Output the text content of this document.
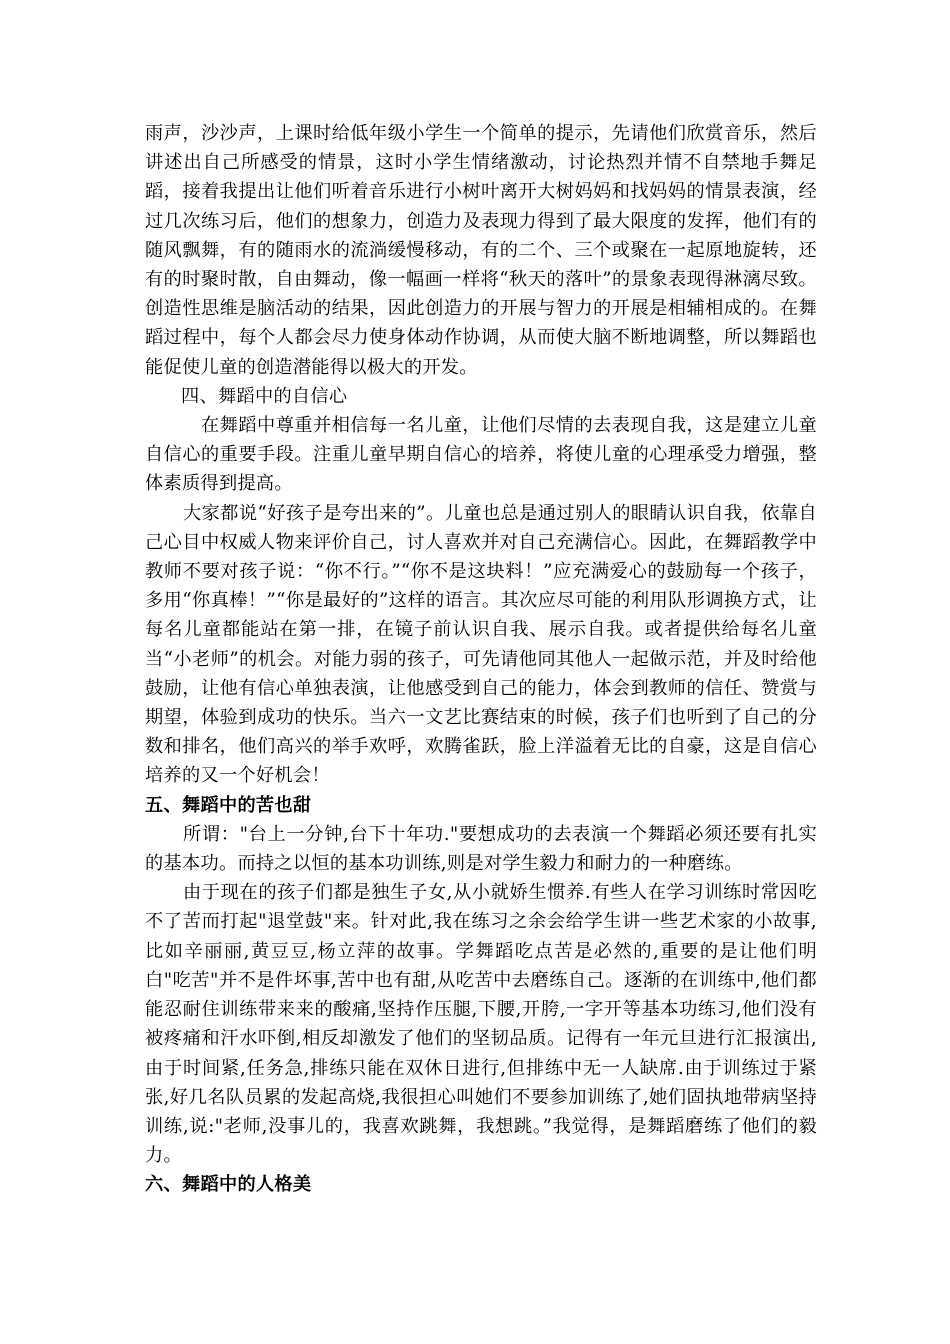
雨声，沙沙声，上课时给低年级小学生一个简单的提示，先请他们欣赏音乐，然后讲述出自己所感受的情景，这时小学生情绪激动，讨论热烈并情不自禁地手舞足蹈，接着我提出让他们听着音乐进行小树叶离开大树妈妈和找妈妈的情景表演，经过几次练习后，他们的想象力，创造力及表现力得到了最大限度的发挥，他们有的随风飘舞，有的随雨水的流淌缓慢移动，有的二个、三个或聚在一起原地旋转，还有的时聚时散，自由舞动，像一幅画一样将“秋天的落叶”的景象表现得淋漓尽致。创造性思维是脑活动的结果，因此创造力的开展与智力的开展是相辅相成的。在舞蹈过程中，每个人都会尽力使身体动作协调，从而使大脑不断地调整，所以舞蹈也能促使儿童的创造潜能得以极大的开发。

四、舞蹈中的自信心

在舞蹈中尊重并相信每一名儿童，让他们尽情的去表现自我，这是建立儿童自信心的重要手段。注重儿童早期自信心的培养，将使儿童的心理承受力增强，整体素质得到提高。

大家都说“好孩子是夸出来的”。儿童也总是通过别人的眼睛认识自我，依靠自己心目中权威人物来评价自己，讨人喜欢并对自己充满信心。因此，在舞蹈教学中教师不要对孩子说：“你不行。”“你不是这块料！”应充满爱心的鼓励每一个孩子，多用“你真棒！”“你是最好的”这样的语言。其次应尽可能的利用队形调换方式，让每名儿童都能站在第一排，在镜子前认识自我、展示自我。或者提供给每名儿童当“小老师”的机会。对能力弱的孩子，可先请他同其他人一起做示范，并及时给他鼓励，让他有信心单独表演，让他感受到自己的能力，体会到教师的信任、赞赏与期望，体验到成功的快乐。当六一文艺比赛结束的时候，孩子们也听到了自己的分数和排名，他们高兴的举手欢呼，欢腾雀跃，脸上洋溢着无比的自豪，这是自信心培养的又一个好机会！

五、舞蹈中的苦也甜

所谓："台上一分钟,台下十年功."要想成功的去表演一个舞蹈必须还要有扎实的基本功。而持之以恒的基本功训练,则是对学生毅力和耐力的一种磨练。

由于现在的孩子们都是独生子女,从小就娇生惯养.有些人在学习训练时常因吃不了苦而打起"退堂鼓"来。针对此,我在练习之余会给学生讲一些艺术家的小故事,比如辛丽丽,黄豆豆,杨立萍的故事。学舞蹈吃点苦是必然的,重要的是让他们明白"吃苦"并不是件坏事,苦中也有甜,从吃苦中去磨练自己。逐渐的在训练中,他们都能忍耐住训练带来来的酸痛,坚持作压腿,下腰,开胯,一字开等基本功练习,他们没有被疼痛和汗水吓倒,相反却激发了他们的坚韧品质。记得有一年元旦进行汇报演出,由于时间紧,任务急,排练只能在双休日进行,但排练中无一人缺席.由于训练过于紧张,好几名队员累的发起高烧,我很担心叫她们不要参加训练了,她们固执地带病坚持训练,说:"老师,没事儿的，我喜欢跳舞，我想跳。”我觉得，是舞蹈磨练了他们的毅力。

六、舞蹈中的人格美
